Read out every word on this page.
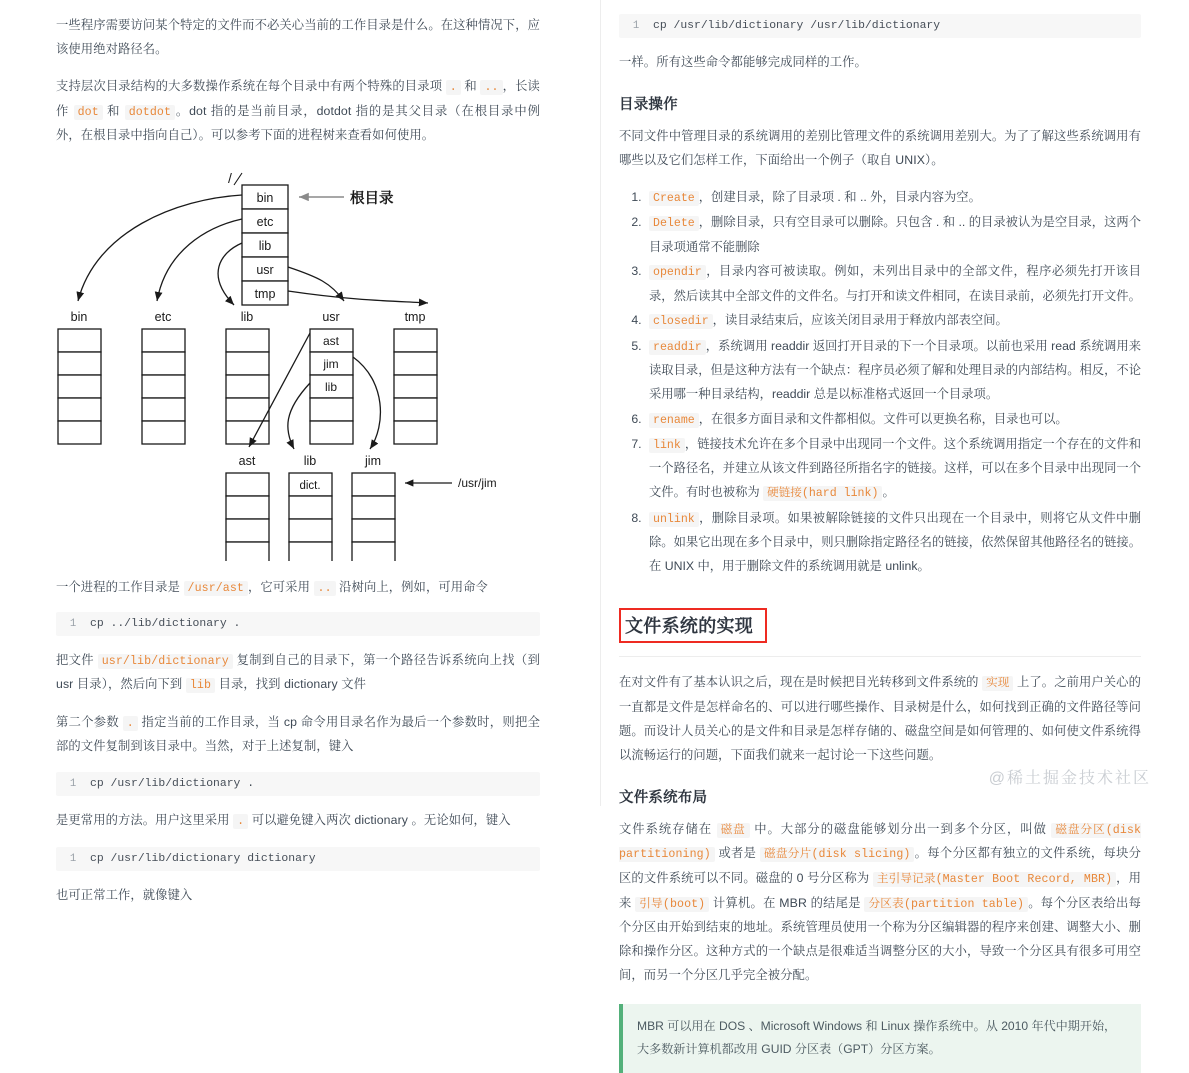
一些程序需要访问某个特定的文件而不必关心当前的工作目录是什么。在这种情况下，应该使用绝对路径名。

支持层次目录结构的大多数操作系统在每个目录中有两个特殊的目录项 . 和 .. ，长读作 dot 和 dotdot 。dot 指的是当前目录，dotdot 指的是其父目录（在根目录中例外，在根目录中指向自己）。可以参考下面的进程树来查看如何使用。

/
bin
etc
lib
usr
tmp
根目录
bin	etc	lib	usr	tmp
ast
jim
lib
ast	lib	jim
dict.	/usr/jim

一个进程的工作目录是 /usr/ast ，它可采用 .. 沿树向上，例如，可用命令

1	cp ../lib/dictionary .

把文件 usr/lib/dictionary 复制到自己的目录下，第一个路径告诉系统向上找（到 usr 目录），然后向下到 lib 目录，找到 dictionary 文件

第二个参数 . 指定当前的工作目录，当 cp 命令用目录名作为最后一个参数时，则把全部的文件复制到该目录中。当然，对于上述复制，键入

1	cp /usr/lib/dictionary .

是更常用的方法。用户这里采用 . 可以避免键入两次 dictionary 。无论如何，键入

1	cp /usr/lib/dictionary dictionary

也可正常工作，就像键入

1	cp /usr/lib/dictionary /usr/lib/dictionary

一样。所有这些命令都能够完成同样的工作。

目录操作

不同文件中管理目录的系统调用的差别比管理文件的系统调用差别大。为了了解这些系统调用有哪些以及它们怎样工作，下面给出一个例子（取自 UNIX）。

1. Create ，创建目录，除了目录项 . 和 .. 外，目录内容为空。
2. Delete ，删除目录，只有空目录可以删除。只包含 . 和 .. 的目录被认为是空目录，这两个目录项通常不能删除
3. opendir ，目录内容可被读取。例如，未列出目录中的全部文件，程序必须先打开该目录，然后读其中全部文件的文件名。与打开和读文件相同，在读目录前，必须先打开文件。
4. closedir ，读目录结束后，应该关闭目录用于释放内部表空间。
5. readdir ，系统调用 readdir 返回打开目录的下一个目录项。以前也采用 read 系统调用来读取目录，但是这种方法有一个缺点：程序员必须了解和处理目录的内部结构。相反，不论采用哪一种目录结构，readdir 总是以标准格式返回一个目录项。
6. rename ，在很多方面目录和文件都相似。文件可以更换名称，目录也可以。
7. link ，链接技术允许在多个目录中出现同一个文件。这个系统调用指定一个存在的文件和一个路径名，并建立从该文件到路径所指名字的链接。这样，可以在多个目录中出现同一个文件。有时也被称为 硬链接(hard link) 。
8. unlink ，删除目录项。如果被解除链接的文件只出现在一个目录中，则将它从文件中删除。如果它出现在多个目录中，则只删除指定路径名的链接，依然保留其他路径名的链接。在 UNIX 中，用于删除文件的系统调用就是 unlink。
文件系统的实现

在对文件有了基本认识之后，现在是时候把目光转移到文件系统的 实现 上了。之前用户关心的一直都是文件是怎样命名的、可以进行哪些操作、目录树是什么，如何找到正确的文件路径等问题。而设计人员关心的是文件和目录是怎样存储的、磁盘空间是如何管理的、如何使文件系统得以流畅运行的问题，下面我们就来一起讨论一下这些问题。

文件系统布局

文件系统存储在 磁盘 中。大部分的磁盘能够划分出一到多个分区，叫做 磁盘分区(disk partitioning) 或者是 磁盘分片(disk slicing) 。每个分区都有独立的文件系统，每块分区的文件系统可以不同。磁盘的 0 号分区称为 主引导记录(Master Boot Record, MBR) ，用来 引导(boot) 计算机。在 MBR 的结尾是 分区表(partition table) 。每个分区表给出每个分区由开始到结束的地址。系统管理员使用一个称为分区编辑器的程序来创建、调整大小、删除和操作分区。这种方式的一个缺点是很难适当调整分区的大小，导致一个分区具有很多可用空间，而另一个分区几乎完全被分配。

MBR 可以用在 DOS 、Microsoft Windows 和 Linux 操作系统中。从 2010 年代中期开始，大多数新计算机都改用 GUID 分区表（GPT）分区方案。
@稀土掘金技术社区
